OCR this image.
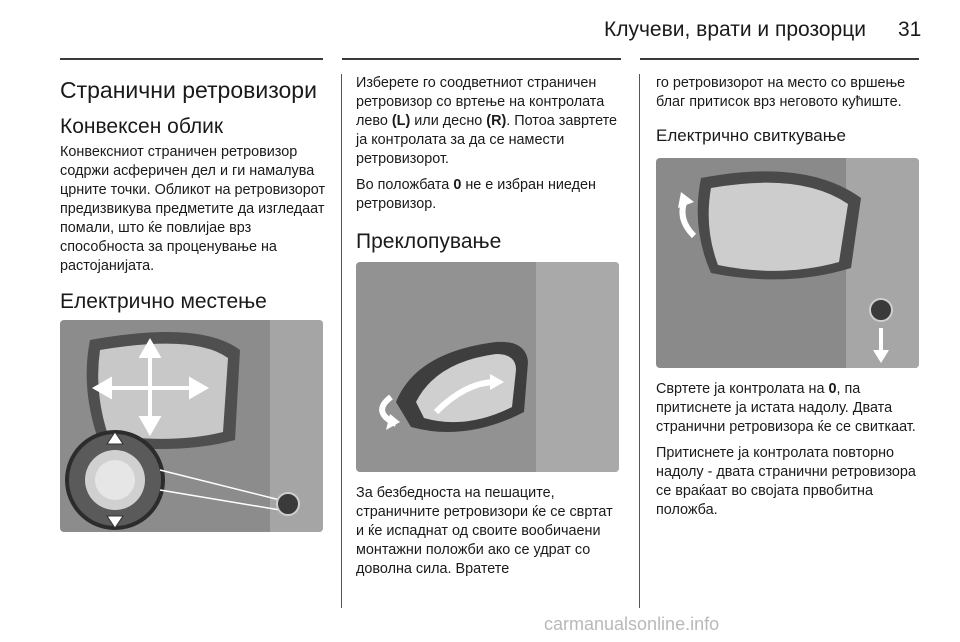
Клучеви, врати и прозорци 31
Странични ретровизори
Конвексен облик
Конвексниот страничен ретровизор содржи асферичен дел и ги намалува црните точки. Обликот на ретровизорот предизвикува предметите да изгледаат помали, што ќе повлијае врз способноста за проценување на растојанијата.
Електрично местење
Изберете го соодветниот страничен ретровизор со вртење на контролата лево (L) или десно (R). Потоа завртете ја контролата за да се намести ретровизорот.
Во положбата 0 не е избран ниеден ретровизор.
Преклопување
За безбедноста на пешаците, страничните ретровизори ќе се свртат и ќе испаднат од своите вообичаени монтажни положби ако се удрат со доволна сила. Вратете
го ретровизорот на место со вршење благ притисок врз неговото кућиште.
Електрично свиткување
Свртете ја контролата на 0, па притиснете ја истата надолу. Двата странични ретровизора ќе се свиткаат.
Притиснете ја контролата повторно надолу - двата странични ретровизора се враќаат во својата првобитна положба.
carmanualsonline.info
